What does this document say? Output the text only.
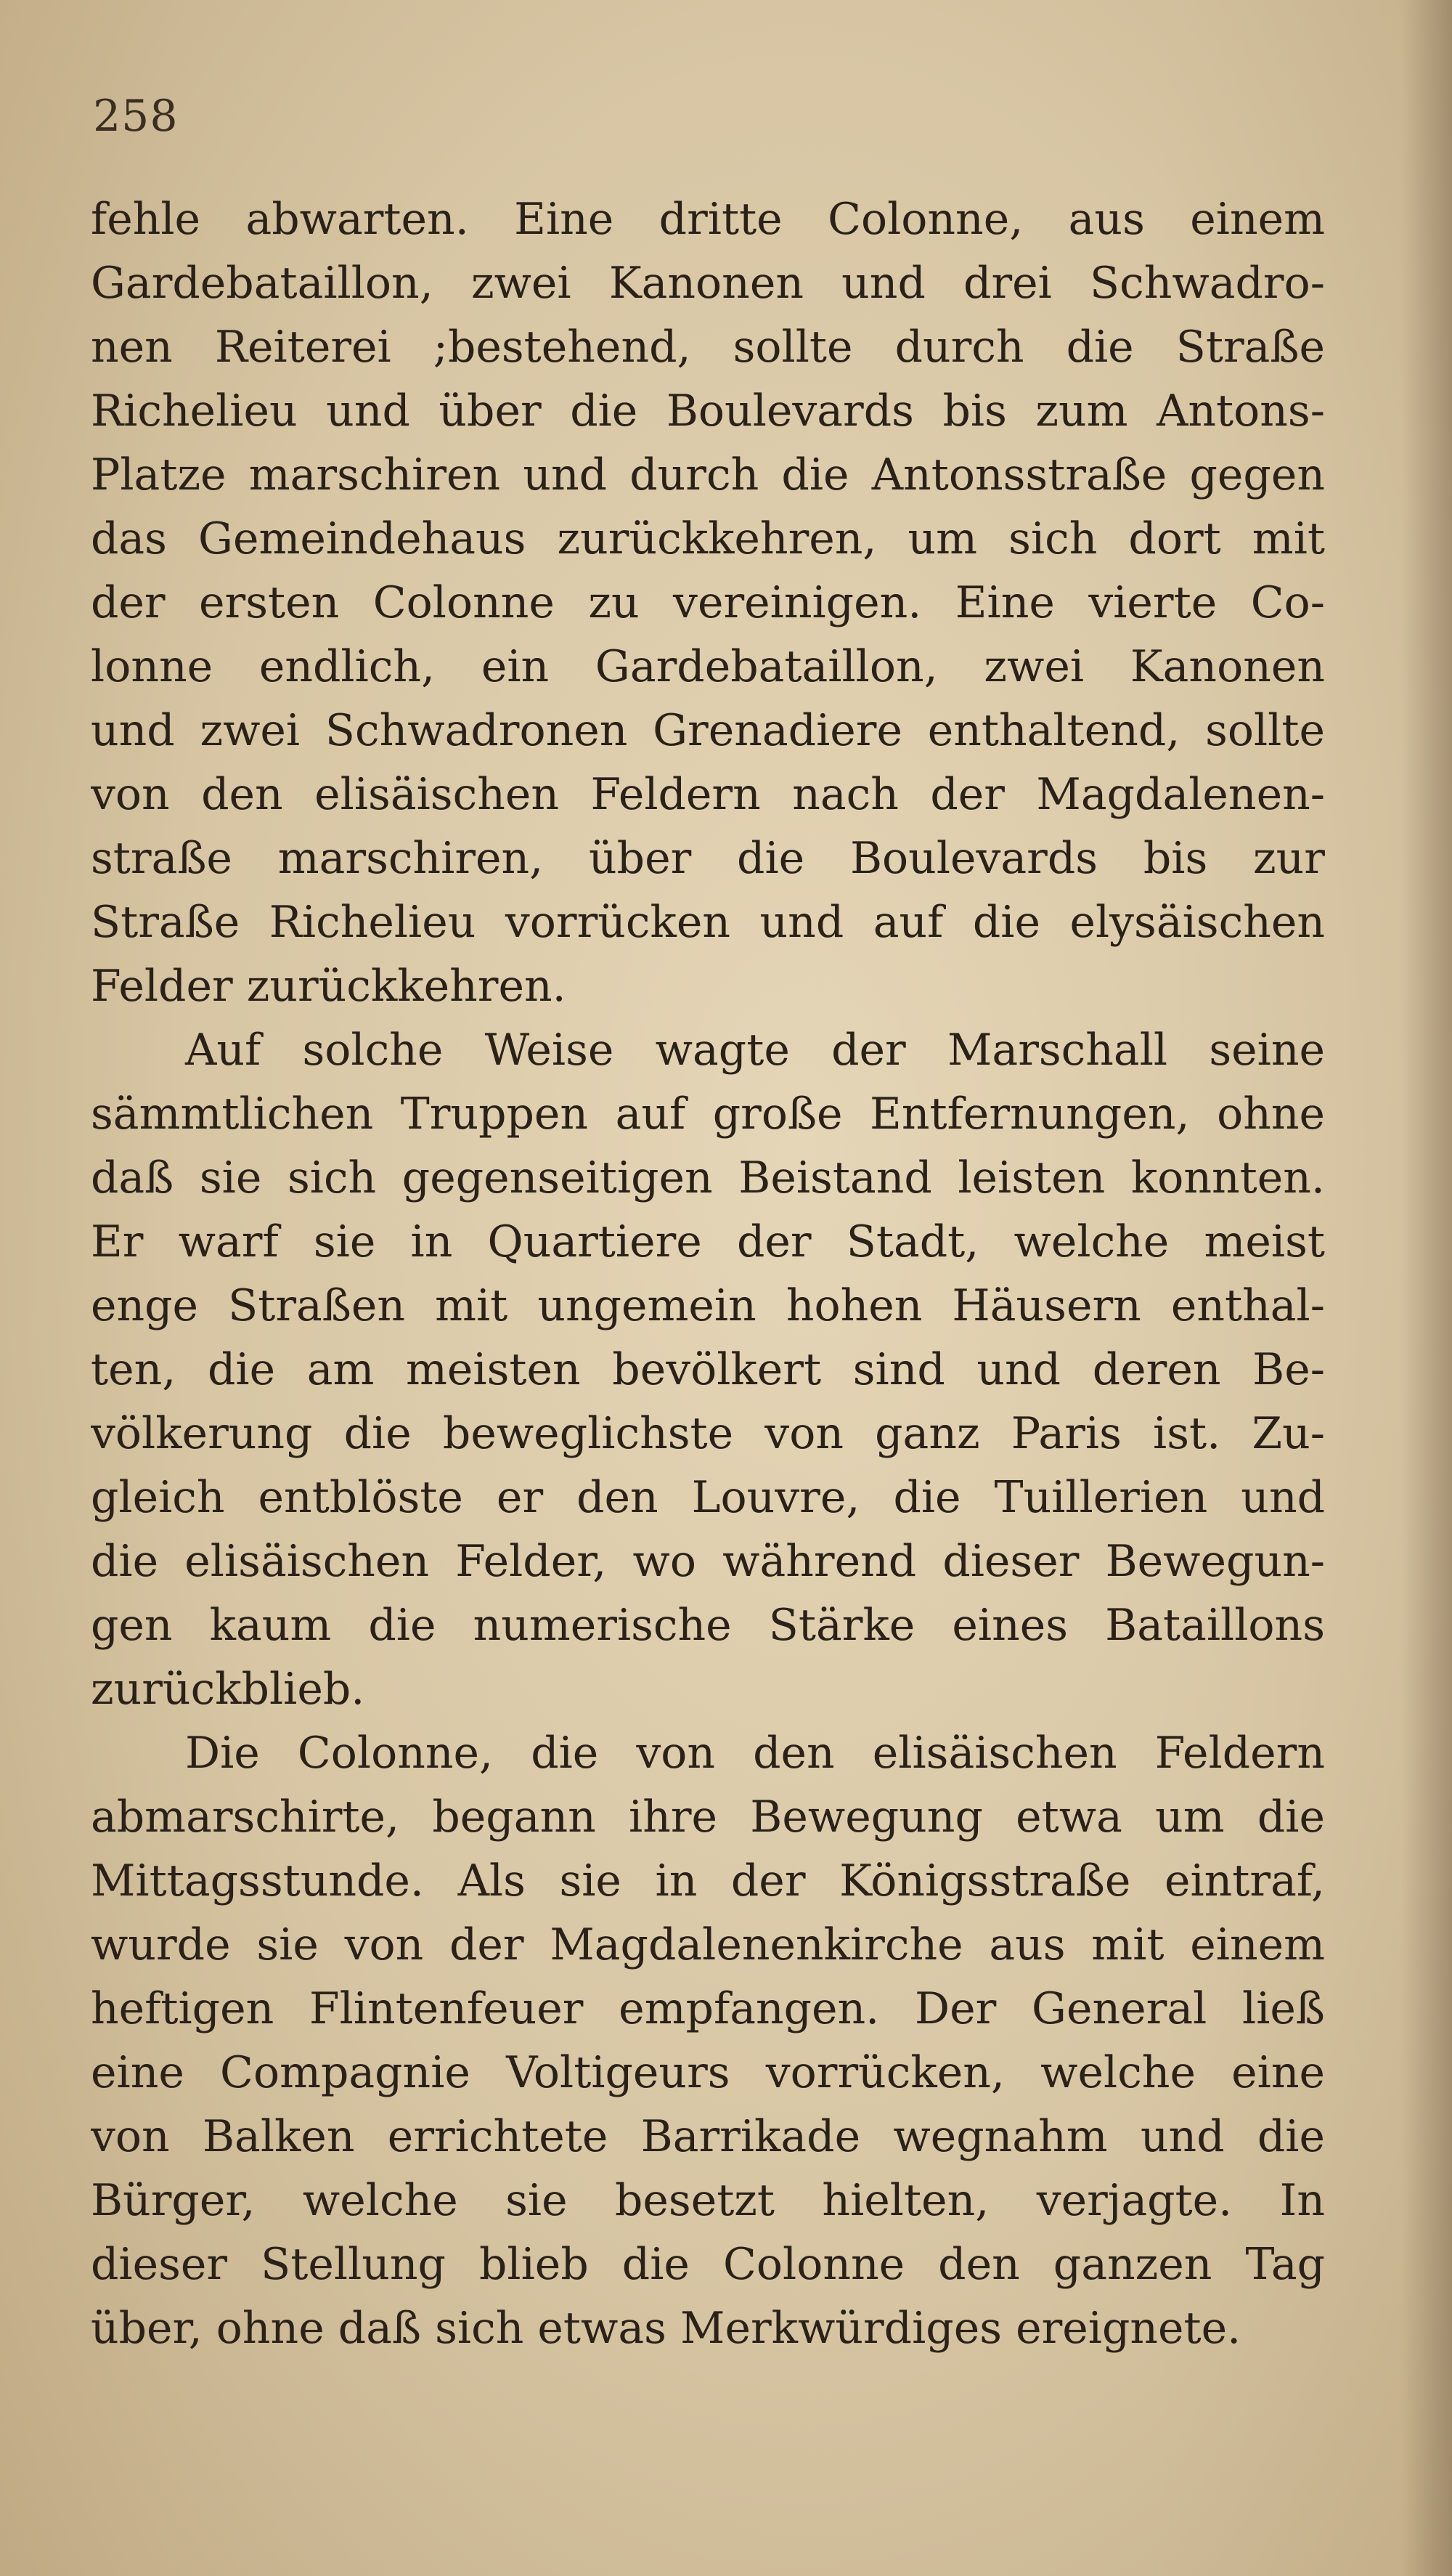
258
fehle abwarten. Eine dritte Colonne, aus einem
Gardebataillon, zwei Kanonen und drei Schwadro-
nen Reiterei ;bestehend, sollte durch die Straße
Richelieu und über die Boulevards bis zum Antons-
Platze marschiren und durch die Antonsstraße gegen
das Gemeindehaus zurückkehren, um sich dort mit
der ersten Colonne zu vereinigen. Eine vierte Co-
lonne endlich, ein Gardebataillon, zwei Kanonen
und zwei Schwadronen Grenadiere enthaltend, sollte
von den elisäischen Feldern nach der Magdalenen-
straße marschiren, über die Boulevards bis zur
Straße Richelieu vorrücken und auf die elysäischen
Felder zurückkehren.
Auf solche Weise wagte der Marschall seine
sämmtlichen Truppen auf große Entfernungen, ohne
daß sie sich gegenseitigen Beistand leisten konnten.
Er warf sie in Quartiere der Stadt, welche meist
enge Straßen mit ungemein hohen Häusern enthal-
ten, die am meisten bevölkert sind und deren Be-
völkerung die beweglichste von ganz Paris ist. Zu-
gleich entblöste er den Louvre, die Tuillerien und
die elisäischen Felder, wo während dieser Bewegun-
gen kaum die numerische Stärke eines Bataillons
zurückblieb.
Die Colonne, die von den elisäischen Feldern
abmarschirte, begann ihre Bewegung etwa um die
Mittagsstunde. Als sie in der Königsstraße eintraf,
wurde sie von der Magdalenenkirche aus mit einem
heftigen Flintenfeuer empfangen. Der General ließ
eine Compagnie Voltigeurs vorrücken, welche eine
von Balken errichtete Barrikade wegnahm und die
Bürger, welche sie besetzt hielten, verjagte. In
dieser Stellung blieb die Colonne den ganzen Tag
über, ohne daß sich etwas Merkwürdiges ereignete.
